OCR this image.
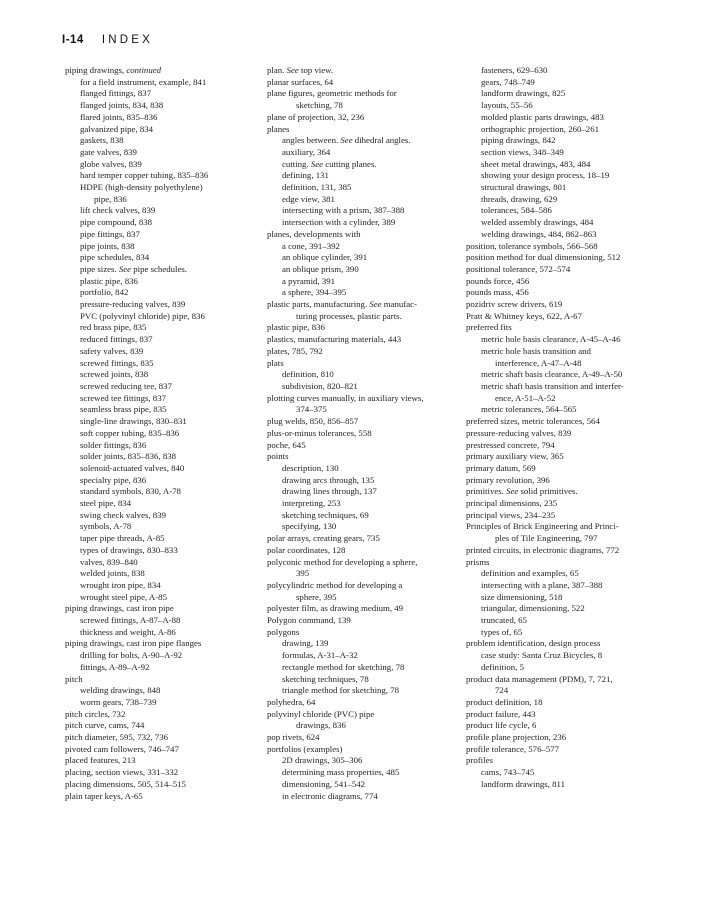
I-14 INDEX
piping drawings, continued
for a field instrument, example, 841
flanged fittings, 837
flanged joints, 834, 838
flared joints, 835–836
galvanized pipe, 834
gaskets, 838
gate valves, 839
globe valves, 839
hard temper copper tubing, 835–836
HDPE (high-density polyethylene)
pipe, 836
lift check valves, 839
pipe compound, 838
pipe fittings, 837
pipe joints, 838
pipe schedules, 834
pipe sizes. See pipe schedules.
plastic pipe, 836
portfolio, 842
pressure-reducing valves, 839
PVC (polyvinyl chloride) pipe, 836
red brass pipe, 835
reduced fittings, 837
safety valves, 839
screwed fittings, 835
screwed joints, 838
screwed reducing tee, 837
screwed tee fittings, 837
seamless brass pipe, 835
single-line drawings, 830–831
soft copper tubing, 835–836
solder fittings, 836
solder joints, 835–836, 838
solenoid-actuated valves, 840
specialty pipe, 836
standard symbols, 830, A-78
steel pipe, 834
swing check valves, 839
symbols, A-78
taper pipe threads, A-85
types of drawings, 830–833
valves, 839–840
welded joints, 838
wrought iron pipe, 834
wrought steel pipe, A-85
piping drawings, cast iron pipe
screwed fittings, A-87–A-88
thickness and weight, A-86
piping drawings, cast iron pipe flanges
drilling for bolts, A-90–A-92
fittings, A-89–A-92
pitch
welding drawings, 848
worm gears, 738–739
pitch circles, 732
pitch curve, cams, 744
pitch diameter, 595, 732, 736
pivoted cam followers, 746–747
placed features, 213
placing, section views, 331–332
placing dimensions, 505, 514–515
plain taper keys, A-65
plan. See top view.
planar surfaces, 64
plane figures, geometric methods for
sketching, 78
plane of projection, 32, 236
planes
angles between. See dihedral angles.
auxiliary, 364
cutting. See cutting planes.
defining, 131
definition, 131, 385
edge view, 381
intersecting with a prism, 387–388
intersection with a cylinder, 389
planes, developments with
a cone, 391–392
an oblique cylinder, 391
an oblique prism, 390
a pyramid, 391
a sphere, 394–395
plastic parts, manufacturing. See manufac-
turing processes, plastic parts.
plastic pipe, 836
plastics, manufacturing materials, 443
plates, 785, 792
plats
definition, 810
subdivision, 820–821
plotting curves manually, in auxiliary views,
374–375
plug welds, 850, 856–857
plus-or-minus tolerances, 558
poche, 645
points
description, 130
drawing arcs through, 135
drawing lines through, 137
interpreting, 253
sketching techniques, 69
specifying, 130
polar arrays, creating gears, 735
polar coordinates, 128
polyconic method for developing a sphere,
395
polycylindric method for developing a
sphere, 395
polyester film, as drawing medium, 49
Polygon command, 139
polygons
drawing, 139
formulas, A-31–A-32
rectangle method for sketching, 78
sketching techniques, 78
triangle method for sketching, 78
polyhedra, 64
polyvinyl chloride (PVC) pipe
drawings, 836
pop rivets, 624
portfolios (examples)
2D drawings, 305–306
determining mass properties, 485
dimensioning, 541–542
in electronic diagrams, 774
fasteners, 629–630
gears, 748–749
landform drawings, 825
layouts, 55–56
molded plastic parts drawings, 483
orthographic projection, 260–261
piping drawings, 842
section views, 348–349
sheet metal drawings, 483, 484
showing your design process, 18–19
structural drawings, 801
threads, drawing, 629
tolerances, 584–586
welded assembly drawings, 484
welding drawings, 484, 862–863
position, tolerance symbols, 566–568
position method for dual dimensioning, 512
positional tolerance, 572–574
pounds force, 456
pounds mass, 456
pozidriv screw drivers, 619
Pratt & Whitney keys, 622, A-67
preferred fits
metric hole basis clearance, A-45–A-46
metric hole basis transition and
interference, A-47–A-48
metric shaft basis clearance, A-49–A-50
metric shaft basis transition and interfer-
ence, A-51–A-52
metric tolerances, 564–565
preferred sizes, metric tolerances, 564
pressure-reducing valves, 839
prestressed concrete, 794
primary auxiliary view, 365
primary datum, 569
primary revolution, 396
primitives. See solid primitives.
principal dimensions, 235
principal views, 234–235
Principles of Brick Engineering and Princi-
ples of Tile Engineering, 797
printed circuits, in electronic diagrams, 772
prisms
definition and examples, 65
intersecting with a plane, 387–388
size dimensioning, 518
triangular, dimensioning, 522
truncated, 65
types of, 65
problem identification, design process
case study: Santa Cruz Bicycles, 8
definition, 5
product data management (PDM), 7, 721,
724
product definition, 18
product failure, 443
product life cycle, 6
profile plane projection, 236
profile tolerance, 576–577
profiles
cams, 743–745
landform drawings, 811
